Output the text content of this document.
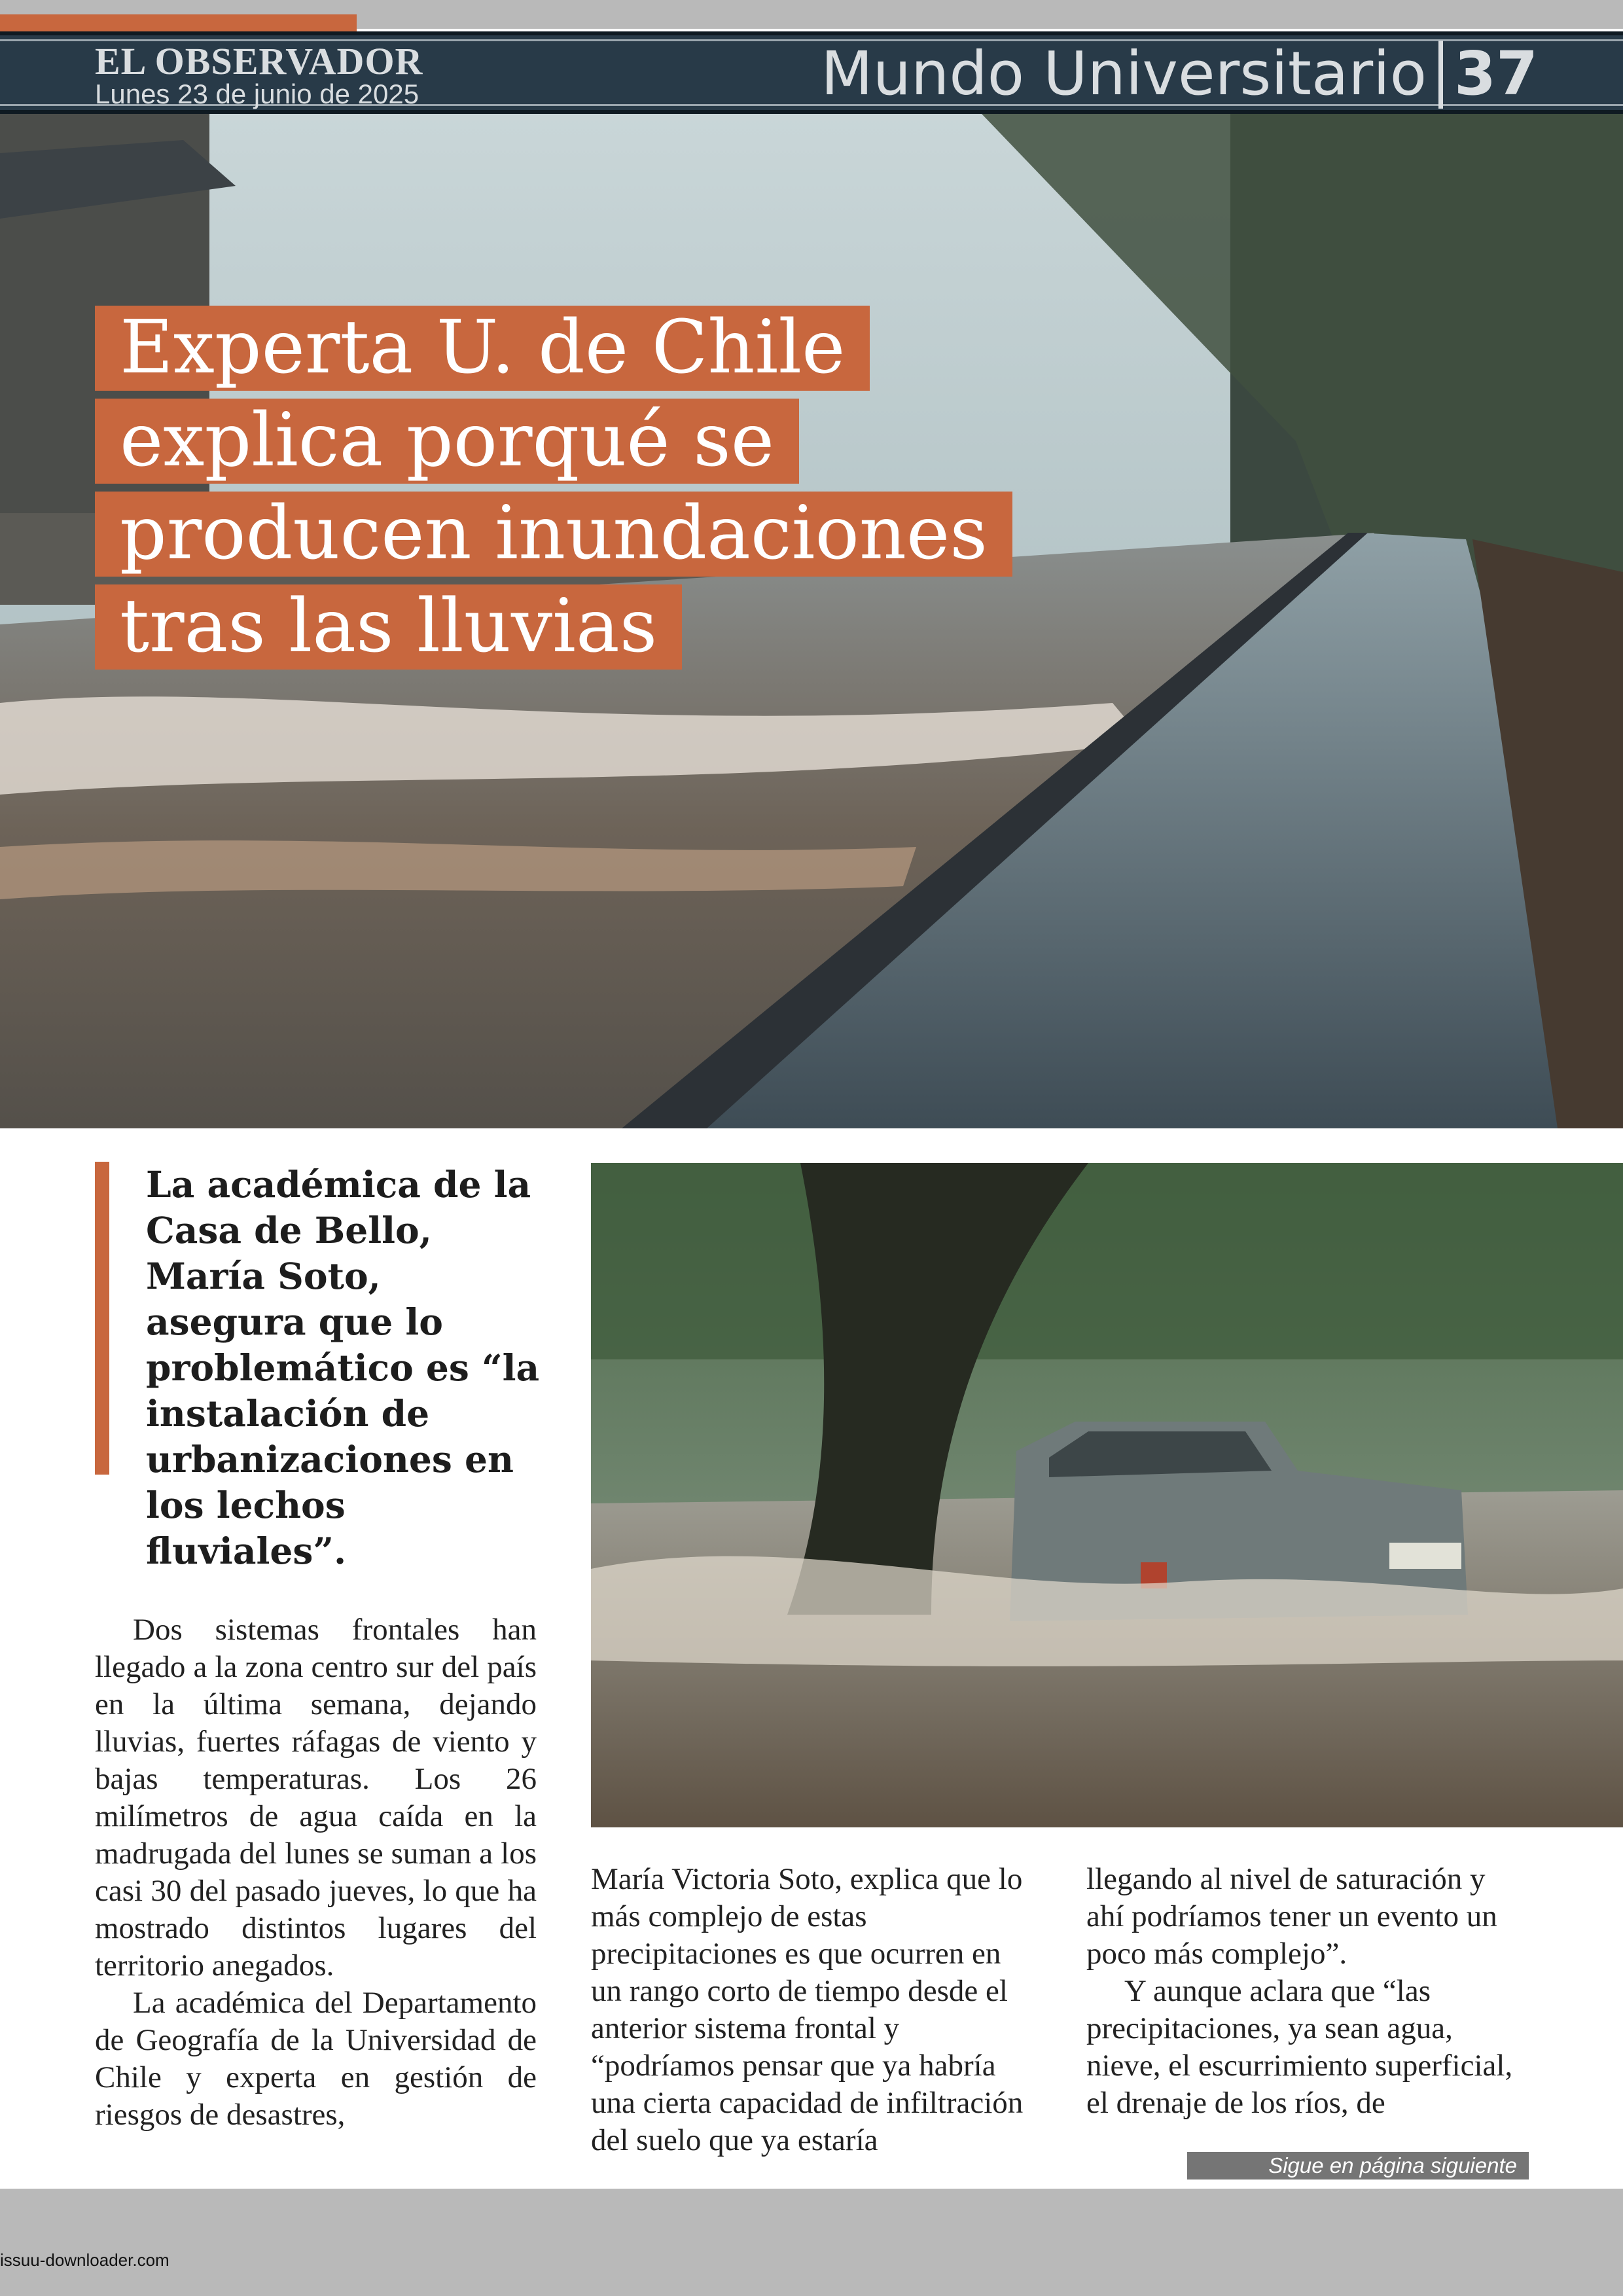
EL OBSERVADOR
Lunes 23 de junio de 2025	Mundo Universitario 37
Experta U. de Chile
explica porqué se
producen inundaciones
tras las lluvias

La académica de la Casa de Bello, María Soto, asegura que lo problemático es “la instalación de urbanizaciones en los lechos fluviales”.

Dos sistemas frontales han llegado a la zona centro sur del país en la última semana, dejando lluvias, fuertes ráfagas de viento y bajas temperaturas. Los 26 milímetros de agua caída en la madrugada del lunes se suman a los casi 30 del pasado jueves, lo que ha mostrado distintos lugares del territorio anegados.

La académica del Departamento de Geografía de la Universidad de Chile y experta en gestión de riesgos de desastres,

María Victoria Soto, explica que lo más complejo de estas precipitaciones es que ocurren en un rango corto de tiempo desde el anterior sistema frontal y “podríamos pensar que ya habría una cierta capacidad de infiltración del suelo que ya estaría

llegando al nivel de saturación y ahí podríamos tener un evento un poco más complejo”.

Y aunque aclara que “las precipitaciones, ya sean agua, nieve, el escurrimiento superficial, el drenaje de los ríos, de

Sigue en página siguiente
issuu-downloader.com
